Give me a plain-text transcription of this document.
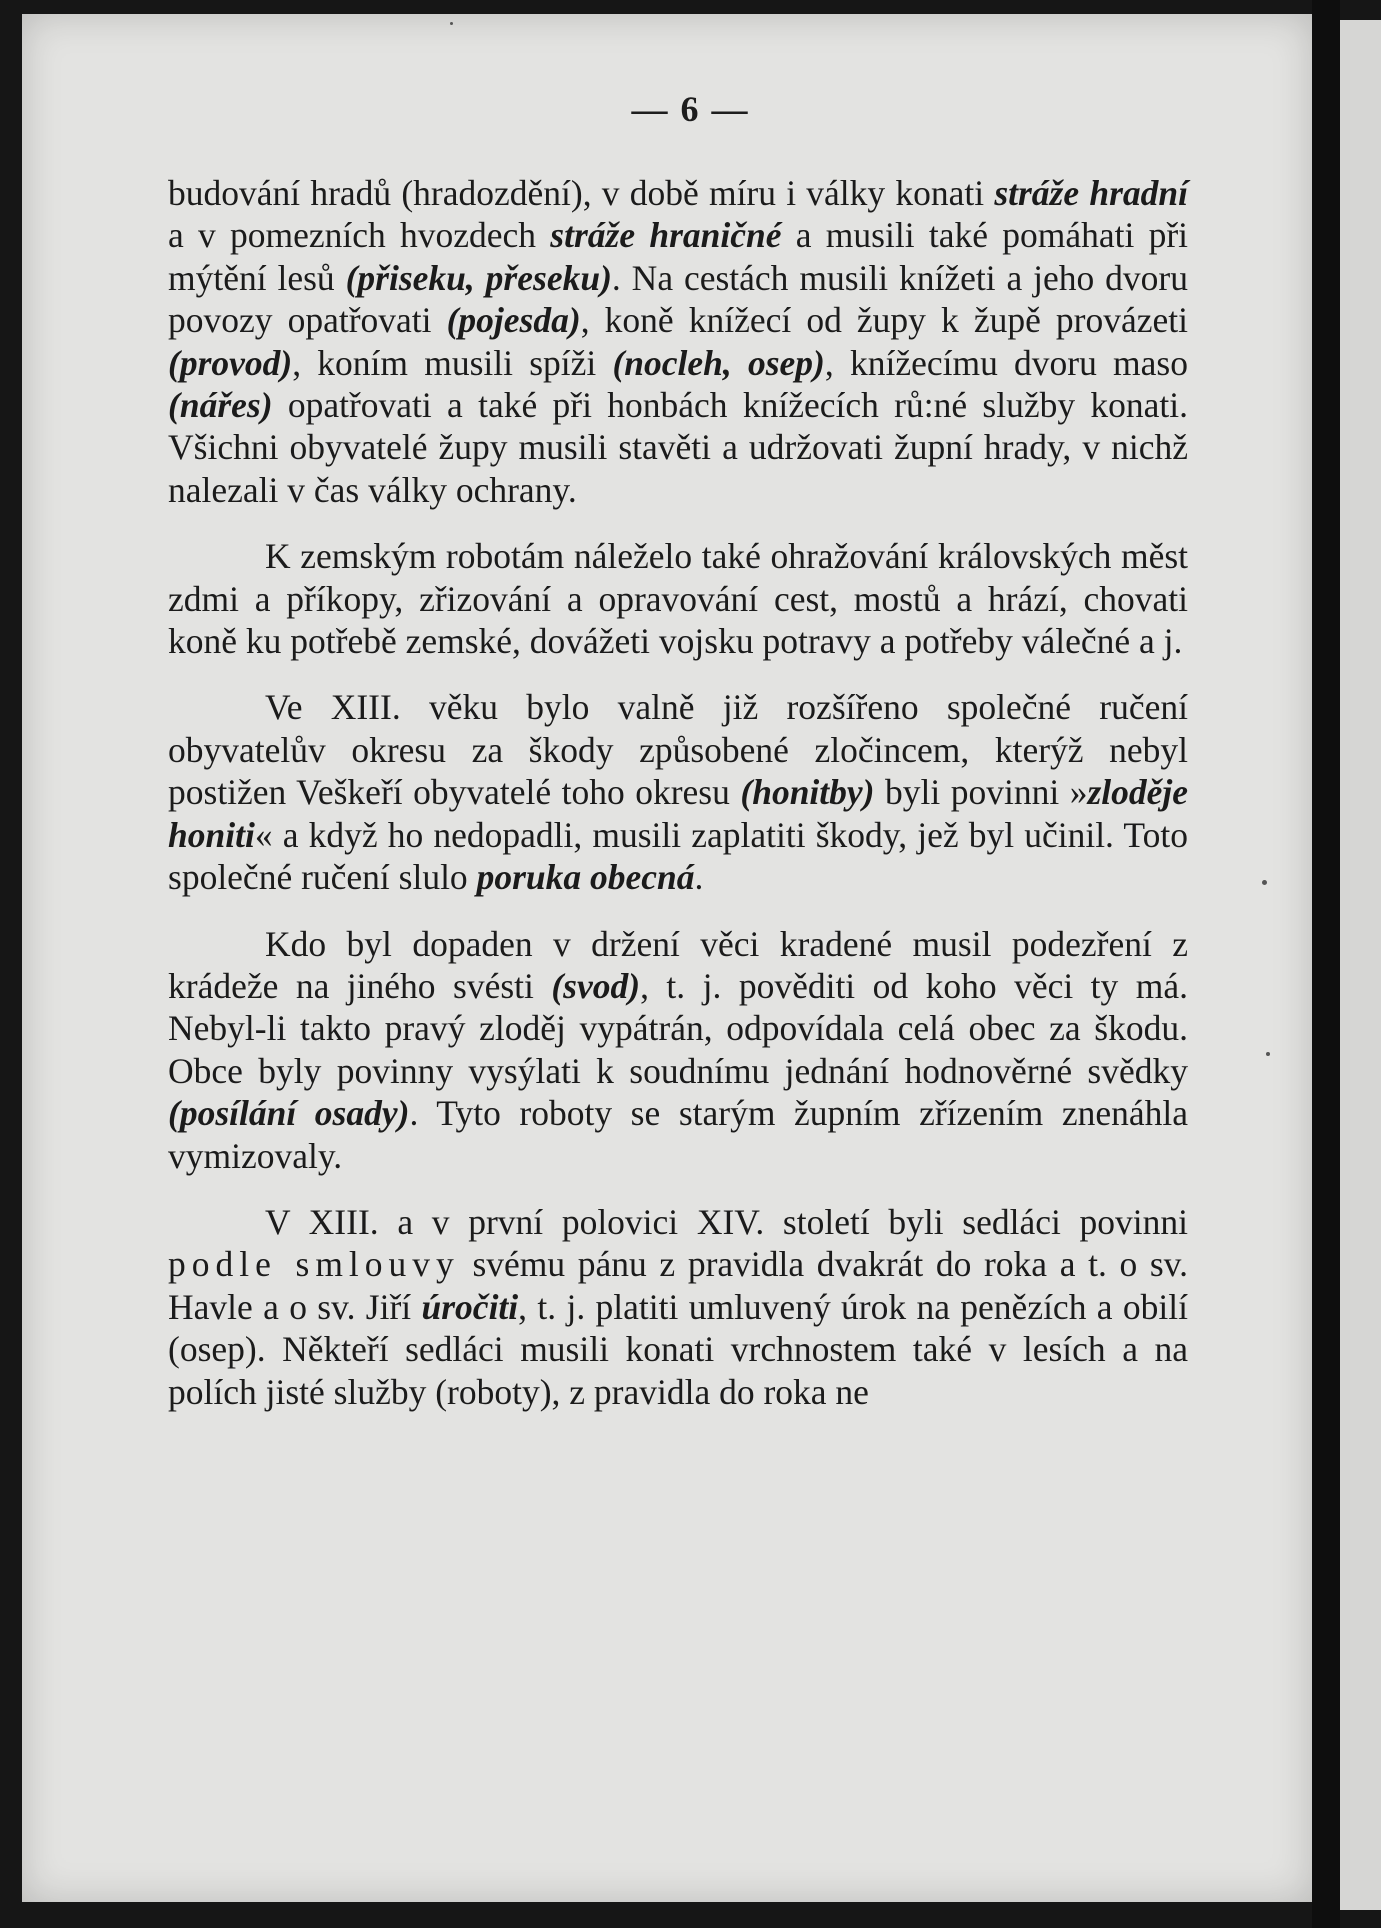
— 6 —

budování hradů (hradozdění), v době míru i války konati stráže hradní a v pomezních hvozdech stráže hraničné a musili také pomáhati při mýtění lesů (přiseku, přeseku). Na cestách musili knížeti a jeho dvoru povozy opatřovati (pojesda), koně knížecí od župy k župě provázeti (provod), koním musili spíži (nocleh, osep), knížecímu dvoru maso (nářes) opatřovati a také při honbách knížecích rů:né služby konati. Všichni obyvatelé župy musili stavěti a udržovati župní hrady, v nichž nalezali v čas války ochrany.

K zemským robotám náleželo také ohražování královských měst zdmi a příkopy, zřizování a opravování cest, mostů a hrází, chovati koně ku potřebě zemské, dovážeti vojsku potravy a potřeby válečné a j.

Ve XIII. věku bylo valně již rozšířeno společné ručení obyvatelův okresu za škody způsobené zločincem, kterýž nebyl postižen Veškeří obyvatelé toho okresu (honitby) byli povinni »zloděje honiti« a když ho nedopadli, musili zaplatiti škody, jež byl učinil. Toto společné ručení slulo poruka obecná.

Kdo byl dopaden v držení věci kradené musil podezření z krádeže na jiného svésti (svod), t. j. pověditi od koho věci ty má. Nebyl-li takto pravý zloděj vypátrán, odpovídala celá obec za škodu. Obce byly povinny vysýlati k soudnímu jednání hodnověrné svědky (posílání osady). Tyto roboty se starým župním zřízením znenáhla vymizovaly.

V XIII. a v první polovici XIV. století byli sedláci povinni podle smlouvy svému pánu z pravidla dvakrát do roka a t. o sv. Havle a o sv. Jiří úročiti, t. j. platiti umluvený úrok na penězích a obilí (osep). Někteří sedláci musili konati vrchnostem také v lesích a na polích jisté služby (roboty), z pravidla do roka ne
